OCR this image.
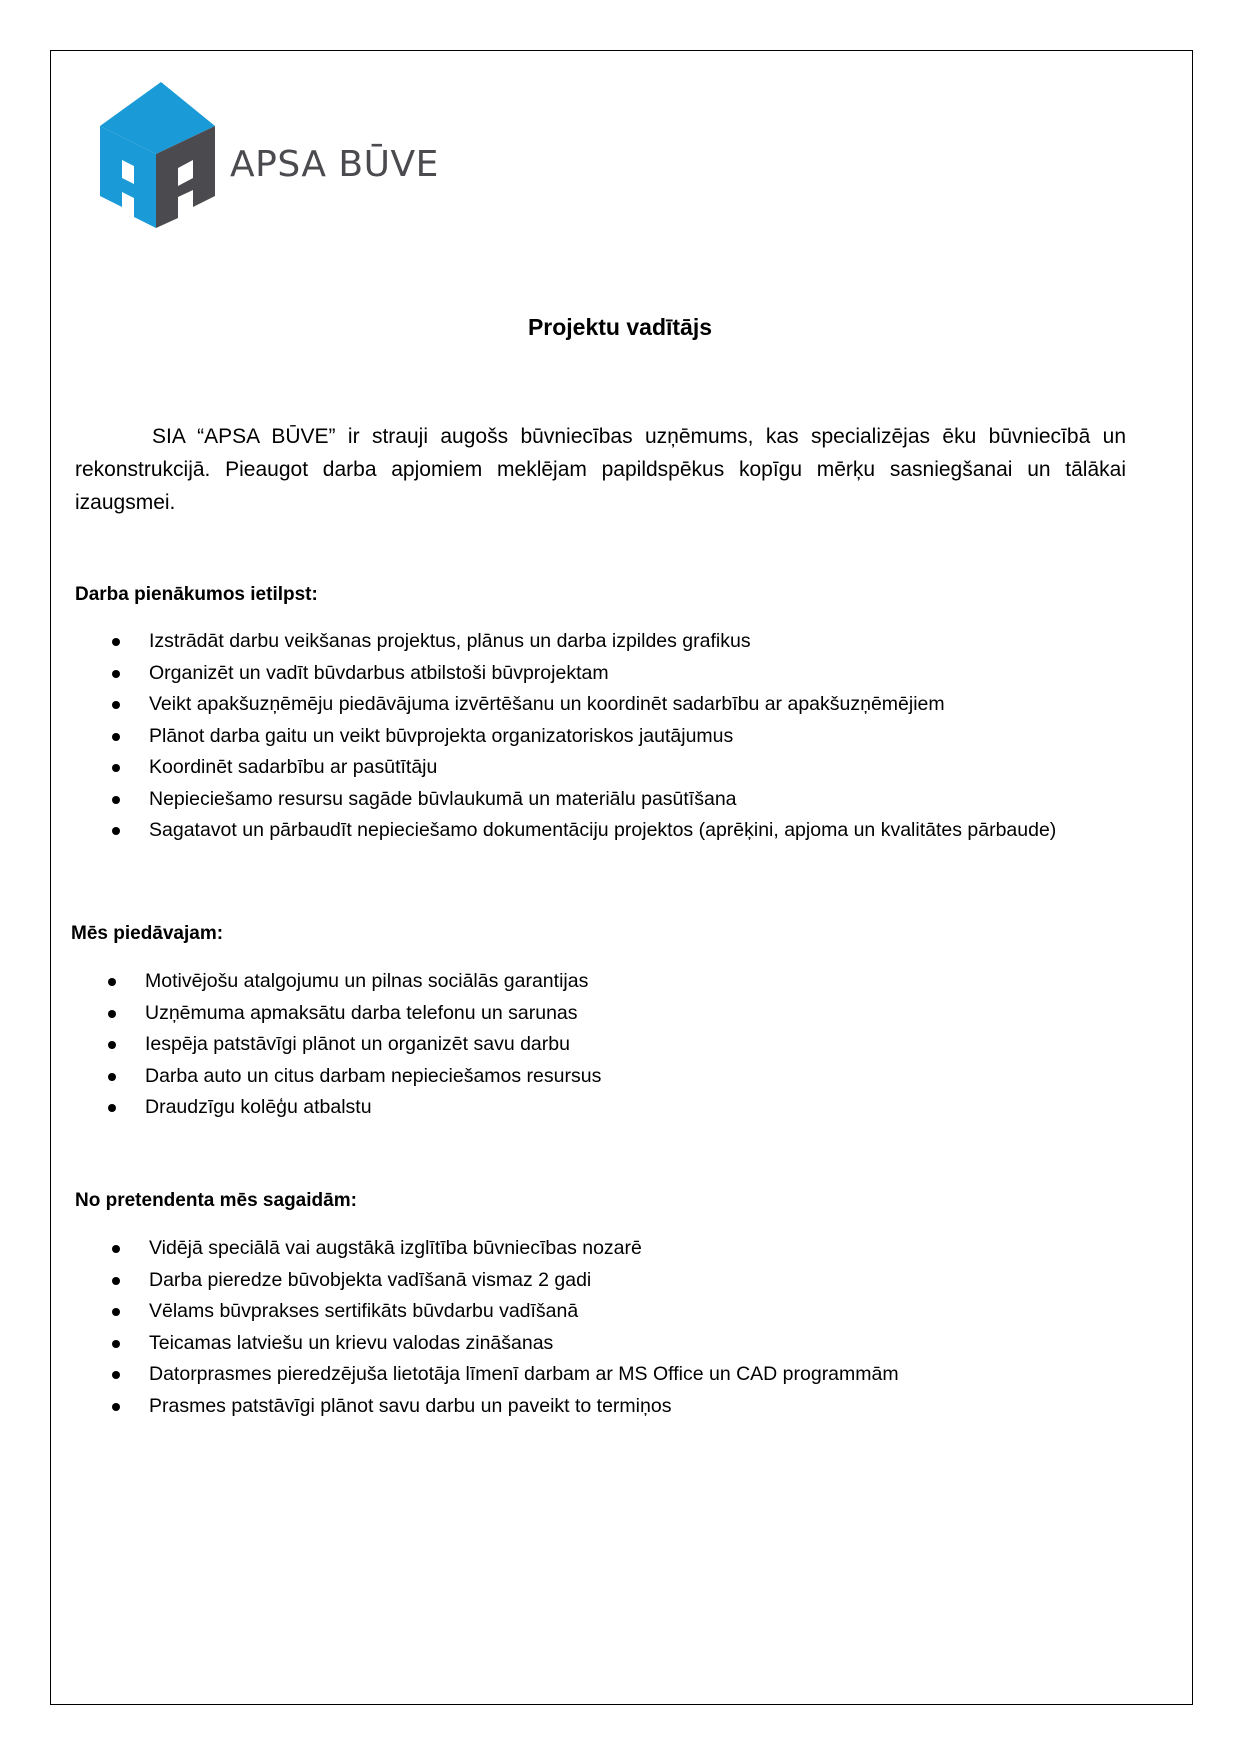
APSA BŪVE
Projektu vadītājs

SIA “APSA BŪVE” ir strauji augošs būvniecības uzņēmums, kas specializējas ēku būvniecībā un rekonstrukcijā. Pieaugot darba apjomiem meklējam papildspēkus kopīgu mērķu sasniegšanai un tālākai izaugsmei.

Darba pienākumos ietilpst:
Izstrādāt darbu veikšanas projektus, plānus un darba izpildes grafikus
Organizēt un vadīt būvdarbus atbilstoši būvprojektam
Veikt apakšuzņēmēju piedāvājuma izvērtēšanu un koordinēt sadarbību ar apakšuzņēmējiem
Plānot darba gaitu un veikt būvprojekta organizatoriskos jautājumus
Koordinēt sadarbību ar pasūtītāju
Nepieciešamo resursu sagāde būvlaukumā un materiālu pasūtīšana
Sagatavot un pārbaudīt nepieciešamo dokumentāciju projektos (aprēķini, apjoma un kvalitātes pārbaude)
Mēs piedāvajam:
Motivējošu atalgojumu un pilnas sociālās garantijas
Uzņēmuma apmaksātu darba telefonu un sarunas
Iespēja patstāvīgi plānot un organizēt savu darbu
Darba auto un citus darbam nepieciešamos resursus
Draudzīgu kolēģu atbalstu
No pretendenta mēs sagaidām:
Vidējā speciālā vai augstākā izglītība būvniecības nozarē
Darba pieredze būvobjekta vadīšanā vismaz 2 gadi
Vēlams būvprakses sertifikāts būvdarbu vadīšanā
Teicamas latviešu un krievu valodas zināšanas
Datorprasmes pieredzējuša lietotāja līmenī darbam ar MS Office un CAD programmām
Prasmes patstāvīgi plānot savu darbu un paveikt to termiņos
